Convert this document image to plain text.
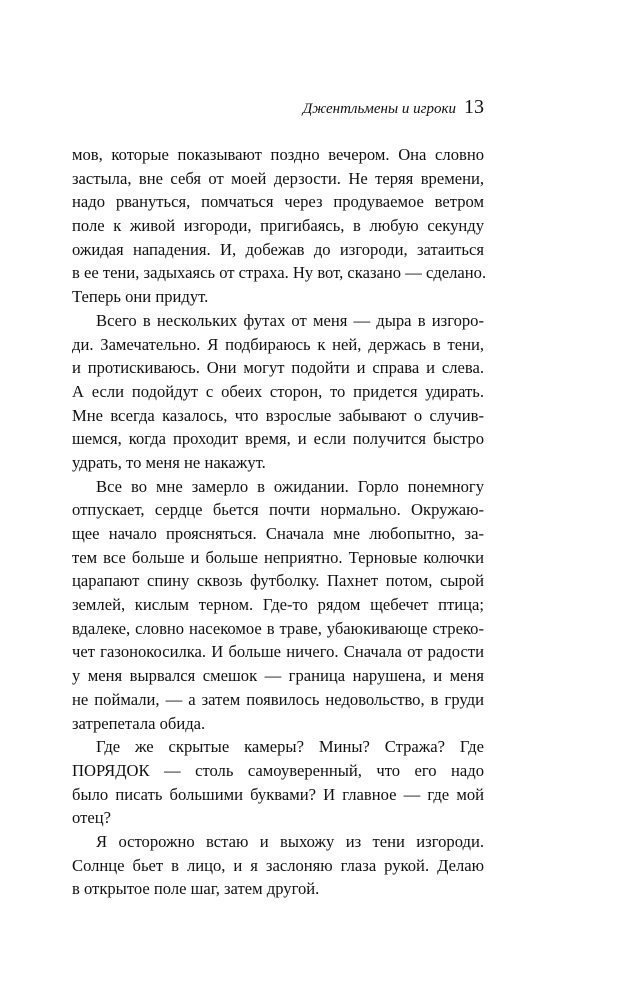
Джентльмены и игроки 13
мов, которые показывают поздно вечером. Она словно
застыла, вне себя от моей дерзости. Не теряя времени,
надо рвануться, помчаться через продуваемое ветром
поле к живой изгороди, пригибаясь, в любую секунду
ожидая нападения. И, добежав до изгороди, затаиться
в ее тени, задыхаясь от страха. Ну вот, сказано — сделано.
Теперь они придут.
Всего в нескольких футах от меня — дыра в изгоро-
ди. Замечательно. Я подбираюсь к ней, держась в тени,
и протискиваюсь. Они могут подойти и справа и слева.
А если подойдут с обеих сторон, то придется удирать.
Мне всегда казалось, что взрослые забывают о случив-
шемся, когда проходит время, и если получится быстро
удрать, то меня не накажут.
Все во мне замерло в ожидании. Горло понемногу
отпускает, сердце бьется почти нормально. Окружаю-
щее начало проясняться. Сначала мне любопытно, за-
тем все больше и больше неприятно. Терновые колючки
царапают спину сквозь футболку. Пахнет потом, сырой
землей, кислым терном. Где-то рядом щебечет птица;
вдалеке, словно насекомое в траве, убаюкивающе стреко-
чет газонокосилка. И больше ничего. Сначала от радости
у меня вырвался смешок — граница нарушена, и меня
не поймали, — а затем появилось недовольство, в груди
затрепетала обида.
Где же скрытые камеры? Мины? Стража? Где
ПОРЯДОК — столь самоуверенный, что его надо
было писать большими буквами? И главное — где мой
отец?
Я осторожно встаю и выхожу из тени изгороди.
Солнце бьет в лицо, и я заслоняю глаза рукой. Делаю
в открытое поле шаг, затем другой.
